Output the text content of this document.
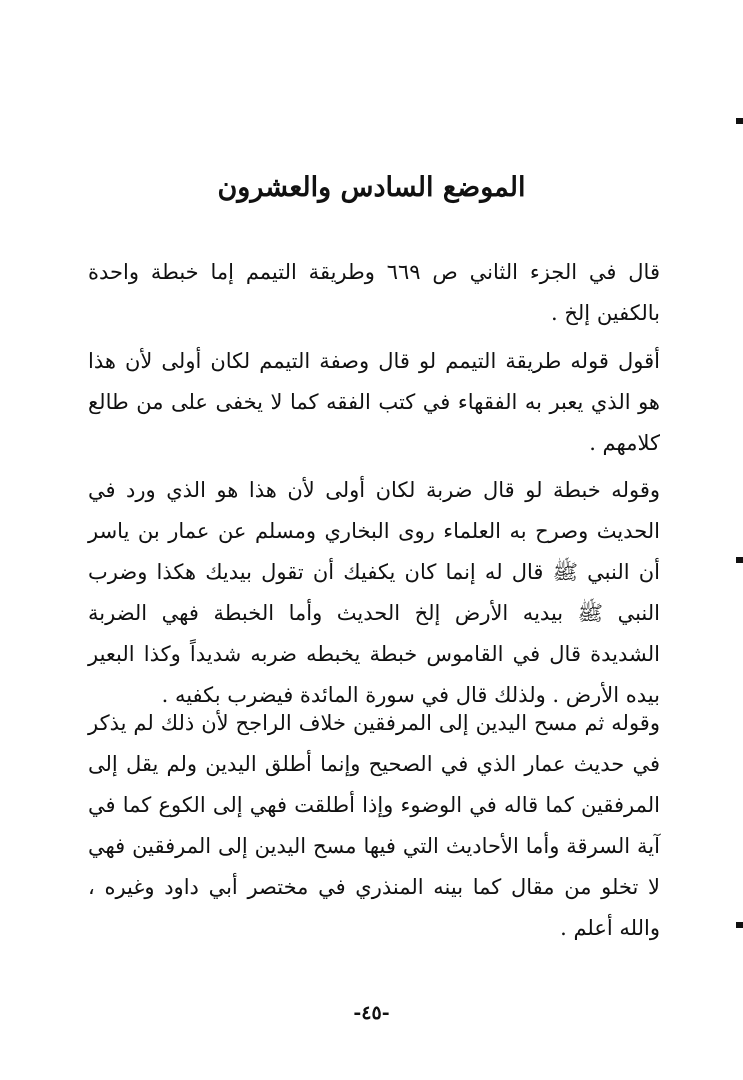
الموضع السادس والعشرون

قال في الجزء الثاني ص ٦٦٩ وطريقة التيمم إما خبطة واحدة بالكفين إلخ .

أقول قوله طريقة التيمم لو قال وصفة التيمم لكان أولى لأن هذا هو الذي يعبر به الفقهاء في كتب الفقه كما لا يخفى على من طالع كلامهم .

وقوله خبطة لو قال ضربة لكان أولى لأن هذا هو الذي ورد في الحديث وصرح به العلماء روى البخاري ومسلم عن عمار بن ياسر أن النبي ﷺ قال له إنما كان يكفيك أن تقول بيديك هكذا وضرب النبي ﷺ بيديه الأرض إلخ الحديث وأما الخبطة فهي الضربة الشديدة قال في القاموس خبطة يخبطه ضربه شديداً وكذا البعير بيده الأرض . ولذلك قال في سورة المائدة فيضرب بكفيه .

وقوله ثم مسح اليدين إلى المرفقين خلاف الراجح لأن ذلك لم يذكر في حديث عمار الذي في الصحيح وإنما أطلق اليدين ولم يقل إلى المرفقين كما قاله في الوضوء وإذا أطلقت فهي إلى الكوع كما في آية السرقة وأما الأحاديث التي فيها مسح اليدين إلى المرفقين فهي لا تخلو من مقال كما بينه المنذري في مختصر أبي داود وغيره ، والله أعلم .

-٤٥-
